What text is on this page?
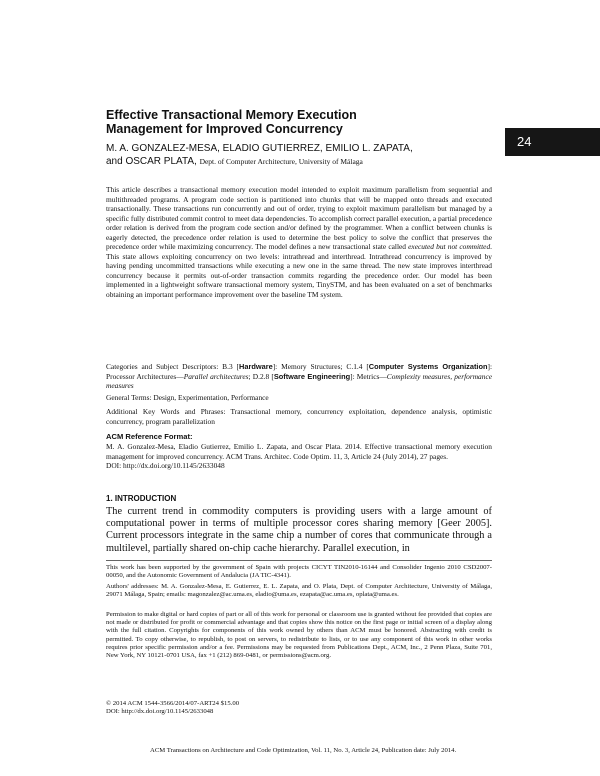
24
Effective Transactional Memory Execution Management for Improved Concurrency
M. A. GONZALEZ-MESA, ELADIO GUTIERREZ, EMILIO L. ZAPATA,
and OSCAR PLATA, Dept. of Computer Architecture, University of Málaga

This article describes a transactional memory execution model intended to exploit maximum parallelism from sequential and multithreaded programs. A program code section is partitioned into chunks that will be mapped onto threads and executed transactionally. These transactions run concurrently and out of order, trying to exploit maximum parallelism but managed by a specific fully distributed commit control to meet data dependencies. To accomplish correct parallel execution, a partial precedence order relation is derived from the program code section and/or defined by the programmer. When a conflict between chunks is eagerly detected, the precedence order relation is used to determine the best policy to solve the conflict that preserves the precedence order while maximizing concurrency. The model defines a new transactional state called executed but not committed. This state allows exploiting concurrency on two levels: intrathread and interthread. Intrathread concurrency is improved by having pending uncommitted transactions while executing a new one in the same thread. The new state improves interthread concurrency because it permits out-of-order transaction commits regarding the precedence order. Our model has been implemented in a lightweight software transactional memory system, TinySTM, and has been evaluated on a set of benchmarks obtaining an important performance improvement over the baseline TM system.

Categories and Subject Descriptors: B.3 [Hardware]: Memory Structures; C.1.4 [Computer Systems Organization]: Processor Architectures—Parallel architectures; D.2.8 [Software Engineering]: Metrics—Complexity measures, performance measures

General Terms: Design, Experimentation, Performance

Additional Key Words and Phrases: Transactional memory, concurrency exploitation, dependence analysis, optimistic concurrency, program parallelization

ACM Reference Format:

M. A. Gonzalez-Mesa, Eladio Gutierrez, Emilio L. Zapata, and Oscar Plata. 2014. Effective transactional memory execution management for improved concurrency. ACM Trans. Architec. Code Optim. 11, 3, Article 24 (July 2014), 27 pages.
DOI: http://dx.doi.org/10.1145/2633048

1. INTRODUCTION

The current trend in commodity computers is providing users with a large amount of computational power in terms of multiple processor cores sharing memory [Geer 2005]. Current processors integrate in the same chip a number of cores that communicate through a multilevel, partially shared on-chip cache hierarchy. Parallel execution, in

This work has been supported by the government of Spain with projects CICYT TIN2010-16144 and Consolider Ingenio 2010 CSD2007-00050, and the Autonomic Government of Andalucia (JA TIC-4341).

Authors' addresses: M. A. Gonzalez-Mesa, E. Gutierrez, E. L. Zapata, and O. Plata, Dept. of Computer Architecture, University of Málaga, 29071 Málaga, Spain; emails: magonzalez@ac.uma.es, eladio@uma.es, ezapata@ac.uma.es, oplata@uma.es.

Permission to make digital or hard copies of part or all of this work for personal or classroom use is granted without fee provided that copies are not made or distributed for profit or commercial advantage and that copies show this notice on the first page or initial screen of a display along with the full citation. Copyrights for components of this work owned by others than ACM must be honored. Abstracting with credit is permitted. To copy otherwise, to republish, to post on servers, to redistribute to lists, or to use any component of this work in other works requires prior specific permission and/or a fee. Permissions may be requested from Publications Dept., ACM, Inc., 2 Penn Plaza, Suite 701, New York, NY 10121-0701 USA, fax +1 (212) 869-0481, or permissions@acm.org.

© 2014 ACM 1544-3566/2014/07-ART24 $15.00
DOI: http://dx.doi.org/10.1145/2633048

ACM Transactions on Architecture and Code Optimization, Vol. 11, No. 3, Article 24, Publication date: July 2014.
